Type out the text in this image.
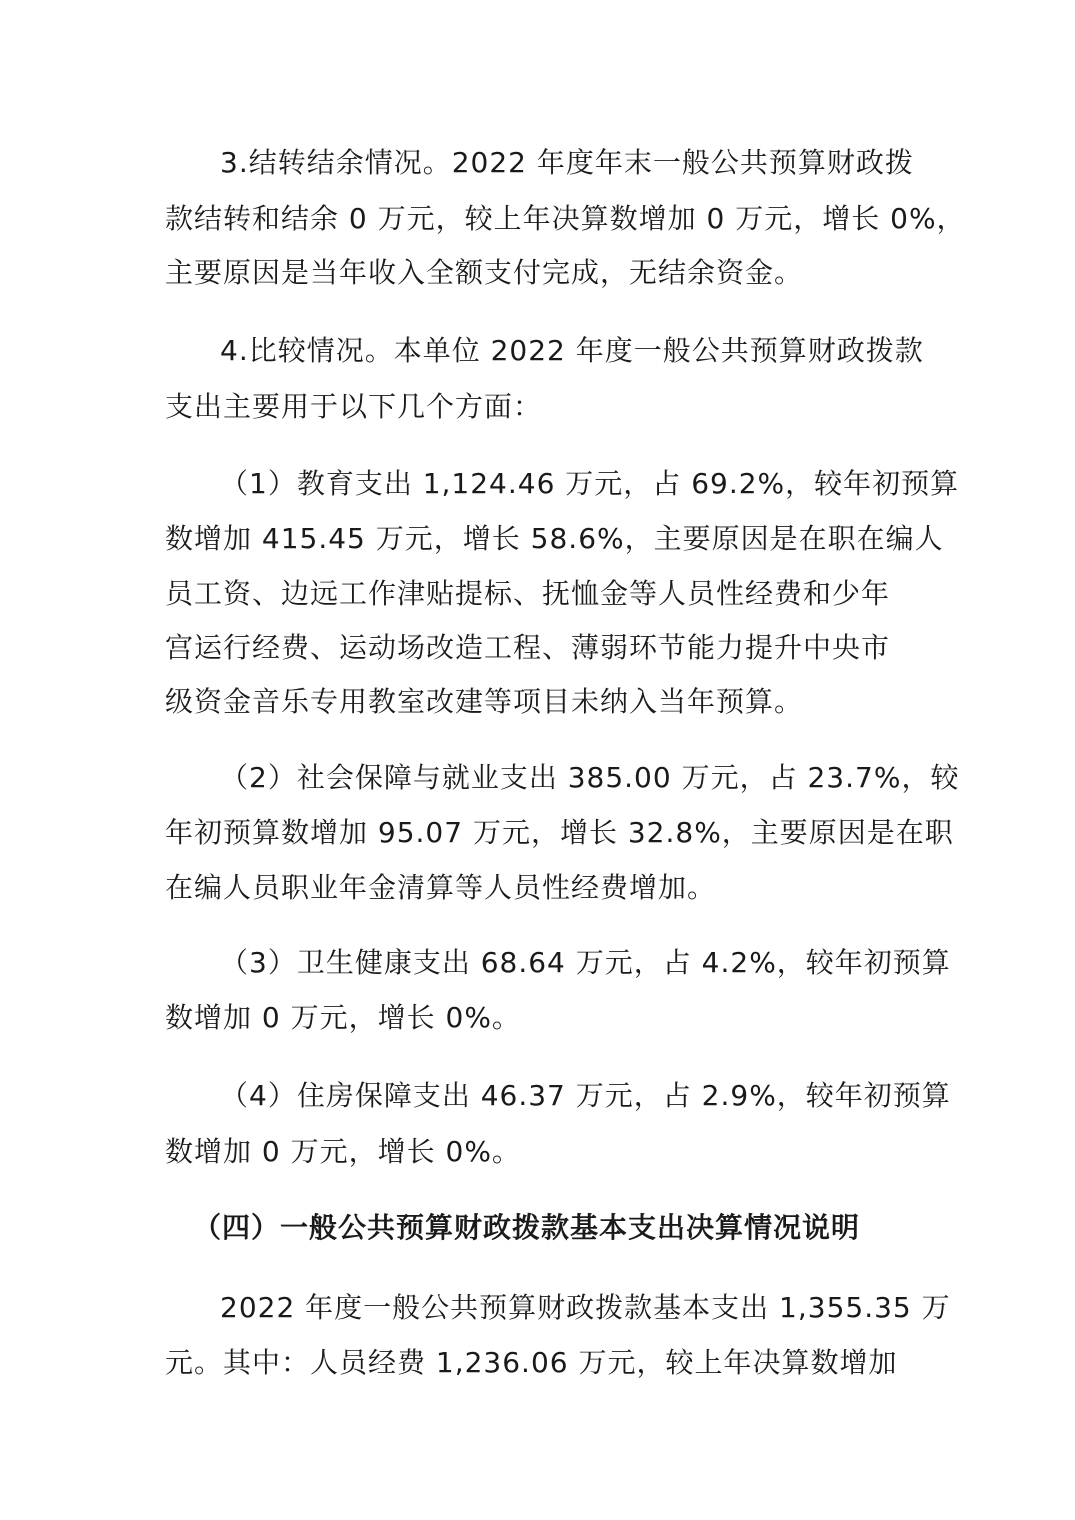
3.结转结余情况。2022 年度年末一般公共预算财政拨
款结转和结余 0 万元，较上年决算数增加 0 万元，增长 0%，
主要原因是当年收入全额支付完成，无结余资金。
4.比较情况。本单位 2022 年度一般公共预算财政拨款
支出主要用于以下几个方面：
（1）教育支出 1,124.46 万元，占 69.2%，较年初预算
数增加 415.45 万元，增长 58.6%，主要原因是在职在编人
员工资、边远工作津贴提标、抚恤金等人员性经费和少年
宫运行经费、运动场改造工程、薄弱环节能力提升中央市
级资金音乐专用教室改建等项目未纳入当年预算。
（2）社会保障与就业支出 385.00 万元，占 23.7%，较
年初预算数增加 95.07 万元，增长 32.8%，主要原因是在职
在编人员职业年金清算等人员性经费增加。
（3）卫生健康支出 68.64 万元，占 4.2%，较年初预算
数增加 0 万元，增长 0%。
（4）住房保障支出 46.37 万元，占 2.9%，较年初预算
数增加 0 万元，增长 0%。
（四）一般公共预算财政拨款基本支出决算情况说明
2022 年度一般公共预算财政拨款基本支出 1,355.35 万
元。其中：人员经费 1,236.06 万元，较上年决算数增加
